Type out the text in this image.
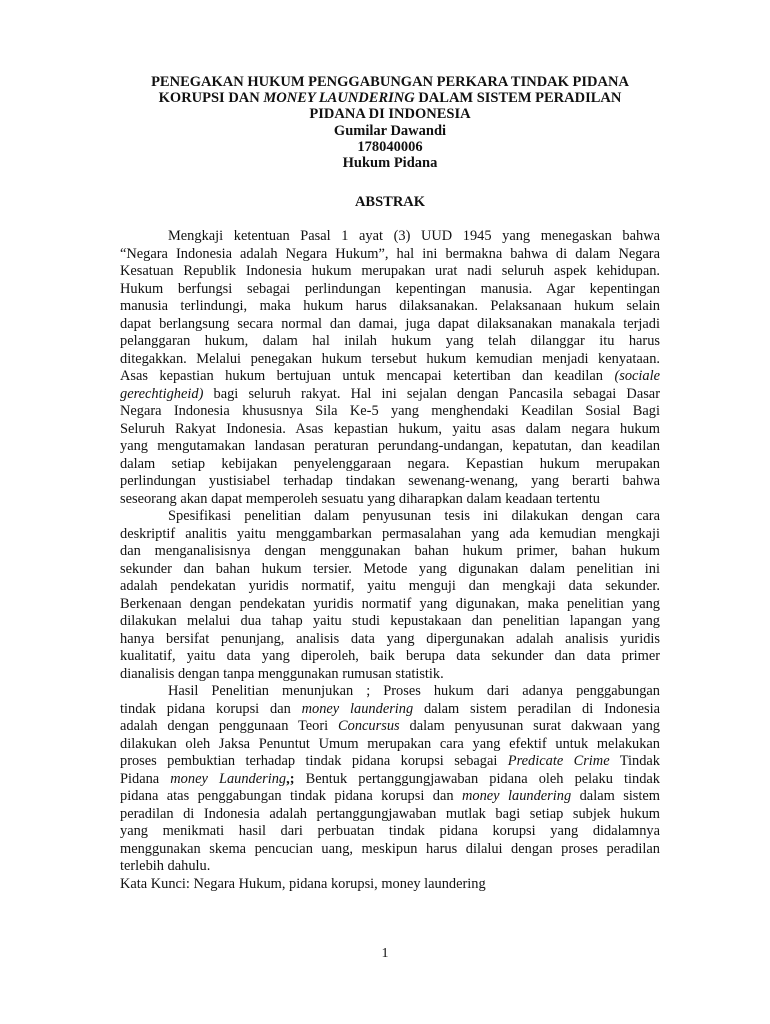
PENEGAKAN HUKUM PENGGABUNGAN PERKARA TINDAK PIDANA
KORUPSI DAN MONEY LAUNDERING DALAM SISTEM PERADILAN
PIDANA DI INDONESIA
Gumilar Dawandi
178040006
Hukum Pidana
ABSTRAK
Mengkaji ketentuan Pasal 1 ayat (3) UUD 1945 yang menegaskan bahwa
“Negara Indonesia adalah Negara Hukum”, hal ini bermakna bahwa di dalam Negara
Kesatuan Republik Indonesia hukum merupakan urat nadi seluruh aspek kehidupan.
Hukum berfungsi sebagai perlindungan kepentingan manusia. Agar kepentingan
manusia terlindungi, maka hukum harus dilaksanakan. Pelaksanaan hukum selain
dapat berlangsung secara normal dan damai, juga dapat dilaksanakan manakala terjadi
pelanggaran hukum, dalam hal inilah hukum yang telah dilanggar itu harus
ditegakkan. Melalui penegakan hukum tersebut hukum kemudian menjadi kenyataan.
Asas kepastian hukum bertujuan untuk mencapai ketertiban dan keadilan (sociale
gerechtigheid) bagi seluruh rakyat. Hal ini sejalan dengan Pancasila sebagai Dasar
Negara Indonesia khususnya Sila Ke-5 yang menghendaki Keadilan Sosial Bagi
Seluruh Rakyat Indonesia. Asas kepastian hukum, yaitu asas dalam negara hukum
yang mengutamakan landasan peraturan perundang-undangan, kepatutan, dan keadilan
dalam setiap kebijakan penyelenggaraan negara. Kepastian hukum merupakan
perlindungan yustisiabel terhadap tindakan sewenang-wenang, yang berarti bahwa
seseorang akan dapat memperoleh sesuatu yang diharapkan dalam keadaan tertentu
Spesifikasi penelitian dalam penyusunan tesis ini dilakukan dengan cara
deskriptif analitis yaitu menggambarkan permasalahan yang ada kemudian mengkaji
dan menganalisisnya dengan menggunakan bahan hukum primer, bahan hukum
sekunder dan bahan hukum tersier. Metode yang digunakan dalam penelitian ini
adalah pendekatan yuridis normatif, yaitu menguji dan mengkaji data sekunder.
Berkenaan dengan pendekatan yuridis normatif yang digunakan, maka penelitian yang
dilakukan melalui dua tahap yaitu studi kepustakaan dan penelitian lapangan yang
hanya bersifat penunjang, analisis data yang dipergunakan adalah analisis yuridis
kualitatif, yaitu data yang diperoleh, baik berupa data sekunder dan data primer
dianalisis dengan tanpa menggunakan rumusan statistik.
Hasil Penelitian menunjukan ; Proses hukum dari adanya penggabungan
tindak pidana korupsi dan money laundering dalam sistem peradilan di Indonesia
adalah dengan penggunaan Teori Concursus dalam penyusunan surat dakwaan yang
dilakukan oleh Jaksa Penuntut Umum merupakan cara yang efektif untuk melakukan
proses pembuktian terhadap tindak pidana korupsi sebagai Predicate Crime Tindak
Pidana money Laundering,; Bentuk pertanggungjawaban pidana oleh pelaku tindak
pidana atas penggabungan tindak pidana korupsi dan money laundering dalam sistem
peradilan di Indonesia adalah pertanggungjawaban mutlak bagi setiap subjek hukum
yang menikmati hasil dari perbuatan tindak pidana korupsi yang didalamnya
menggunakan skema pencucian uang, meskipun harus dilalui dengan proses peradilan
terlebih dahulu.
Kata Kunci: Negara Hukum, pidana korupsi, money laundering
1
